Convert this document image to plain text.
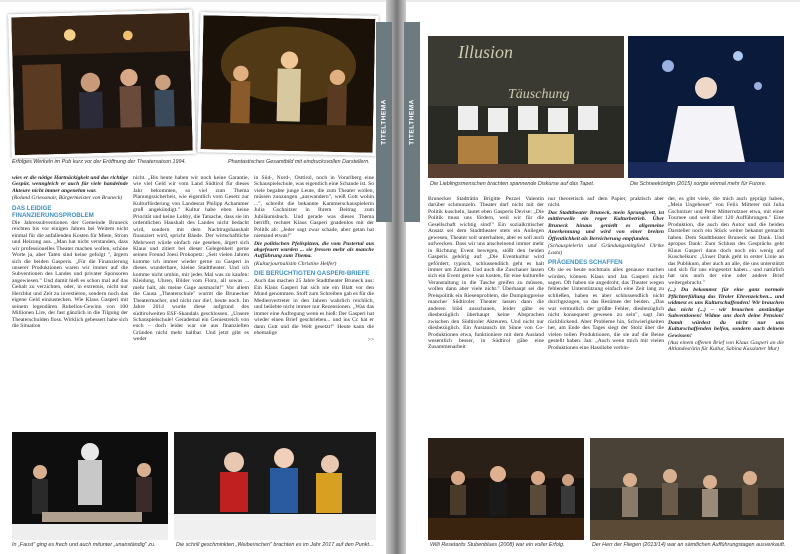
Erfolges Werkeln im Pub kurz vor der Eröffnung der Theatersaison 1994.	Phantastisches Gesamtbild mit eindrucksvollen Darstellern.

wies er die nötige Hartnäckigkeit und das richtige Gespür, wenngleich er auch für viele handelnde Akteure nicht immer angenehm war.

(Roland Griessmair, Bürgermeister von Bruneck)

DAS LEIDIGE
FINANZIERUNGSPROBLEM

Die Jahressubventionen der Gemeinde Bruneck reichten bis vor einigen Jahren bei Weitem nicht einmal für die anfallenden Kosten für Miete, Strom und Heizung aus. „Man hat nicht verstanden, dass wir professionelles Theater machen wollen, schöne Worte ja, aber Taten sind keine gefolgt ", ärgern sich die beiden Gasperis. „Für die Finanzierung unserer Produktionen waren wir immer auf die Subventionen des Landes und privater Sponsoren angewiesen." Und damit hieß es schon mal auf das Gehalt zu verzichten, oder, in extremis, nicht nur Herzblut und Zeit zu investieren, sondern noch das eigene Geld einzustecken. Wie Klaus Gasperi mit seinem legendären Rubellos-Gewinn von 100 Millionen Lire, der fast gänzlich in die Tilgung der Theaterschulden floss. Wirklich gebessert habe sich die Situation

nicht. „Bis heute haben wir noch keine Garantie, wie viel Geld wir vom Land Südtirol für dieses Jahr bekommen, so viel zum Thema Planungssicherheit, wie eigentlich vom Gesetz zur Kulturförderung von Landesrat Philipp Achammer groß angekündigt." Kultur habe eben keine Priorität und keine Lobby, die Tatsache, dass sie im ordentlichen Haushalt des Landes nicht bedacht wird, sondern mit dem Nachtragshaushalt finanziert wird, spricht Bände. Der wirtschaftliche Mehrwert würde einfach nie gesehen, ärgert sich Klaus und zitiert bei dieser Gelegenheit gerne seinen Freund Joesi Prokopetz: „Seit vielen Jahren komme ich immer wieder gerne zu Gasperi in dieses wunderbare, kleine Stadttheater. Und ich komme nicht umhin, mir jedes Mal was zu kaufen: Kleidung, Uhren, Bilder vom Flora, all sowas ... mehr halt, als meine Gage ausmacht!" Vor allem die Causa „Theaterschule" wurmt die Brunecker Theatermacher, und nicht nur die!, heute noch. Im Jahre 2014 wurde diese aufgrund des südtirolweiten ESF-Skandals geschlossen. „Unsere Schauspielschule! Gerademal ein Geniestreich von euch – doch leider war sie aus finanziellen Gründen nicht mehr haltbar. Und jetzt gibt es weder

in Süd-, Nord-, Osttirol, noch in Vorarlberg eine Schauspielschule, was eigentlich eine Schande ist. So viele begabte junge Leute, die zum Theater wollen, müssen zunzungen „auswandern", weiß Gott wohin ...", schreibt die bekannte Kammerschauspielerin Julia Gschnitzer in Ihrem Beitrag zum Jubiläumsbuch. Und gerade was dieses Thema betrifft, rechnet Klaus Gasperi gnadenlos mit der Politik ab: „Jeder sagt zwar schade, aber getan hat niemand etwas!"

Die politischen Pfeilspitzen, die vom Pustertal aus abgefeuert wurden ... sie fressen mehr als manche Aufführung zum Thema.

(Kulturjournalistin Christine Helfer)

DIE BERÜCHTIGTEN GASPERI-BRIEFE

Auch das machen 25 Jahre Stadttheater Bruneck aus: Ein Klaus Gasperi hat sich nie ein Blatt vor den Mund genommen. Stoff zum Schreiben gab es für die Medienvertreter in den Jahren wahrlich reichlich, und beliebte nicht immer nur Rezensionen. „Was das immer eine Aufregung wenn es hieß: Der Gasperi hat wieder einen Brief geschrieben... und ins Cc hat er dann Gott und die Welt gesetzt!" Heute kann die ehemalige

>>

In „Faust" ging es frech und auch mitunter „unanständig" zu.	Die schrill geschminkten „Weiberischen" brachten es im Jahr 2017 auf den Punkt...
Illusion
Täuschung
Die Lieblingsmenschen brachten spannende Diskurse auf das Tapet.	Die Schneekönigin (2015) sorgte einmal mehr für Furore.

Brunecker Stadträtin Brigitte Pezzei Valentin darüber schmunzeln. Theater darf nicht mit der Politik kuscheln, lautet eben Gasperis Devise: „Die Politik muss uns fördern, weil wir für die Gesellschaft wichtig sind!" Ein sozialkritischer Ansatz sei dem Stadttheater stets ein Anliegen gewesen, Theater soll unterhalten, aber es soll auch aufwecken. Dass wir uns anscheinend immer mehr in Richtung Event bewegen, stößt den beiden Gasperis gehörig auf: „Die Eventkultur wird gefördert, typisch, schlussendlich geht es halt immer um Zahlen. Und auch die Zuschauer lassen sich ein Event gerne was kosten, für eine kulturelle Veranstaltung in die Tasche greifen zu müssen, wollen dann aber viele nicht." Überhaupt sei die Preispolitik ein Riesenproblem, die Dumpingpreise mancher Südtiroler Theater lassen dann die anderen blöd ausschauen, leider gäbe es diesbezüglich überhaupt keine Absprachen zwischen den Südtiroler Akteuren. Und nicht nur diesbezüglich. Ein Austausch im Sinne von Co-Produktionen etwa, funktioniere mit dem Ausland wesentlich besser, in Südtirol gäbe eine Zusammenarbeit

nur theoretisch auf dem Papier, praktisch aber nicht.

Das Stadttheater Bruneck, mein Sprungbrett, ist mittlerweile ein reger Kulturbetrieb. Über Bruneck hinaus genießt es allgemeine Anerkennung und wird von einer breiten Öffentlichkeit als Bereicherung empfunden.

(Schauspielerin und Gründungsmitglied Ulrike Lasta)

PRÄGENDES SCHAFFEN

Ob sie es heute nochmals alles genauso machen würden, können Klaus und Jan Gasperi nicht sagen. Oft haben sie angedroht, das Theater wegen fehlender Unterstützung einfach eine Zeit lang zu schließen, haben es aber schlussendlich nicht durchgezogen, so das Resümee der beiden. „Das war vermutlich der größte Fehler, diesbezüglich nicht konsequent gewesen zu sein", sagt Jan rückblickend. Aber Probleme hin, Schwierigkeiten her, am Ende des Tages siegt der Stolz über die vielen tollen Produktionen, die sie auf die Beine gestellt haben. Jan: „Auch wenn mich mit vielen Produktionen eine Hassliebe verbin-

det, es gibt viele, die mich auch geprägt haben, „Mein Ungeheuer" von Felix Mitterer mit Julia Gschnitzer und Peter Mitterrutzner etwa, mit einer Tournee und weit über 120 Aufführungen." Eine Produktion, die auch den Autor und die beiden Darsteller noch ein Stück weiter bekannt gemacht haben. Dem Stadttheater Bruneck sei Dank. Und apropos Dank: Zum Schluss des Gesprächs geht Klaus Gasperi dann doch noch ein wenig auf Kuschelkurs: „Unser Dank geht in erster Linie an das Publikum, aber auch an alle, die uns unterstützt und sich für uns eingesetzt haben... und natürlich hat uns auch der eine oder andere Brief weitergebracht."

(...) Du bekommst für eine ganz normale Pflichterfüllung das Tiroler Ehrenzeichen... und widmest es uns Kulturschaffenden! Wir brauchen das nicht (...) – wir brauchen anständige Subventionen! Widme uns doch deine Pension! Damit würdest du nicht nur uns Kulturschaffenden helfen, sondern auch deinem Gewissen!

(Aus einem offenen Brief von Klaus Gasperi an die Altlandesrätin für Kultur, Sabina Kasslatter Mur)

Willi Resetarits Stubenblues (2008) war ein voller Erfolg.	Der Herr der Fliegen (2013/14) war an sämtlichen Aufführungstagen ausverkauft.
TITELTHEMA	TITELTHEMA
